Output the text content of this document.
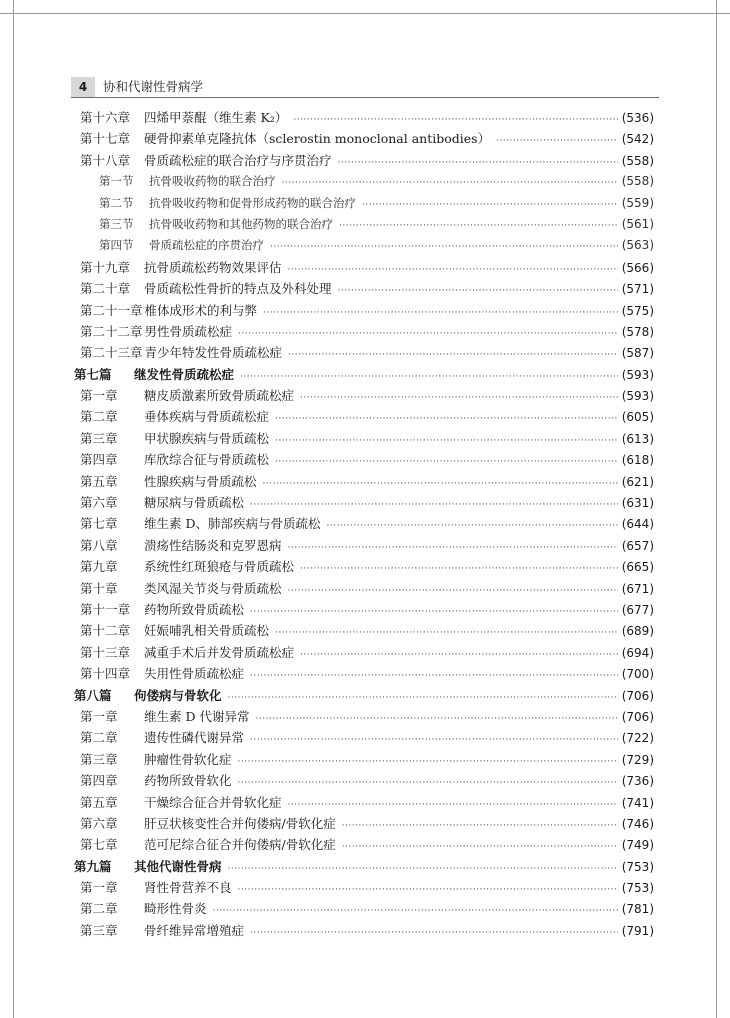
4	协和代谢性骨病学
第十六章	四烯甲萘醌（维生素 K₂） ·····	( 536 )
第十七章	硬骨抑素单克隆抗体（sclerostin monoclonal antibodies） ·····	( 542 )
第十八章	骨质疏松症的联合治疗与序贯治疗 ·····	( 558 )
第一节	抗骨吸收药物的联合治疗 ·····	( 558 )
第二节	抗骨吸收药物和促骨形成药物的联合治疗 ·····	( 559 )
第三节	抗骨吸收药物和其他药物的联合治疗 ·····	( 561 )
第四节	骨质疏松症的序贯治疗 ·····	( 563 )
第十九章	抗骨质疏松药物效果评估 ·····	( 566 )
第二十章	骨质疏松性骨折的特点及外科处理 ·····	( 571 )
第二十一章 椎体成形术的利与弊 ·····	( 575 )
第二十二章 男性骨质疏松症 ·····	( 578 )
第二十三章 青少年特发性骨质疏松症 ·····	( 587 )
第七篇	继发性骨质疏松症 ·····	( 593 )
第一章	糖皮质激素所致骨质疏松症 ·····	( 593 )
第二章	垂体疾病与骨质疏松症 ·····	( 605 )
第三章	甲状腺疾病与骨质疏松 ·····	( 613 )
第四章	库欣综合征与骨质疏松 ·····	( 618 )
第五章	性腺疾病与骨质疏松 ·····	( 621 )
第六章	糖尿病与骨质疏松 ·····	( 631 )
第七章	维生素 D、肺部疾病与骨质疏松 ·····	( 644 )
第八章	溃疡性结肠炎和克罗恩病 ·····	( 657 )
第九章	系统性红斑狼疮与骨质疏松 ·····	( 665 )
第十章	类风湿关节炎与骨质疏松 ·····	( 671 )
第十一章	药物所致骨质疏松 ·····	( 677 )
第十二章	妊娠哺乳相关骨质疏松 ·····	( 689 )
第十三章	减重手术后并发骨质疏松症 ·····	( 694 )
第十四章	失用性骨质疏松症 ·····	( 700 )
第八篇	佝偻病与骨软化 ·····	( 706 )
第一章	维生素 D 代谢异常 ·····	( 706 )
第二章	遗传性磷代谢异常 ·····	( 722 )
第三章	肿瘤性骨软化症 ·····	( 729 )
第四章	药物所致骨软化 ·····	( 736 )
第五章	干燥综合征合并骨软化症 ·····	( 741 )
第六章	肝豆状核变性合并佝偻病/骨软化症 ·····	( 746 )
第七章	范可尼综合征合并佝偻病/骨软化症 ·····	( 749 )
第九篇	其他代谢性骨病 ·····	( 753 )
第一章	肾性骨营养不良 ·····	( 753 )
第二章	畸形性骨炎 ·····	( 781 )
第三章	骨纤维异常增殖症 ·····	( 791 )
